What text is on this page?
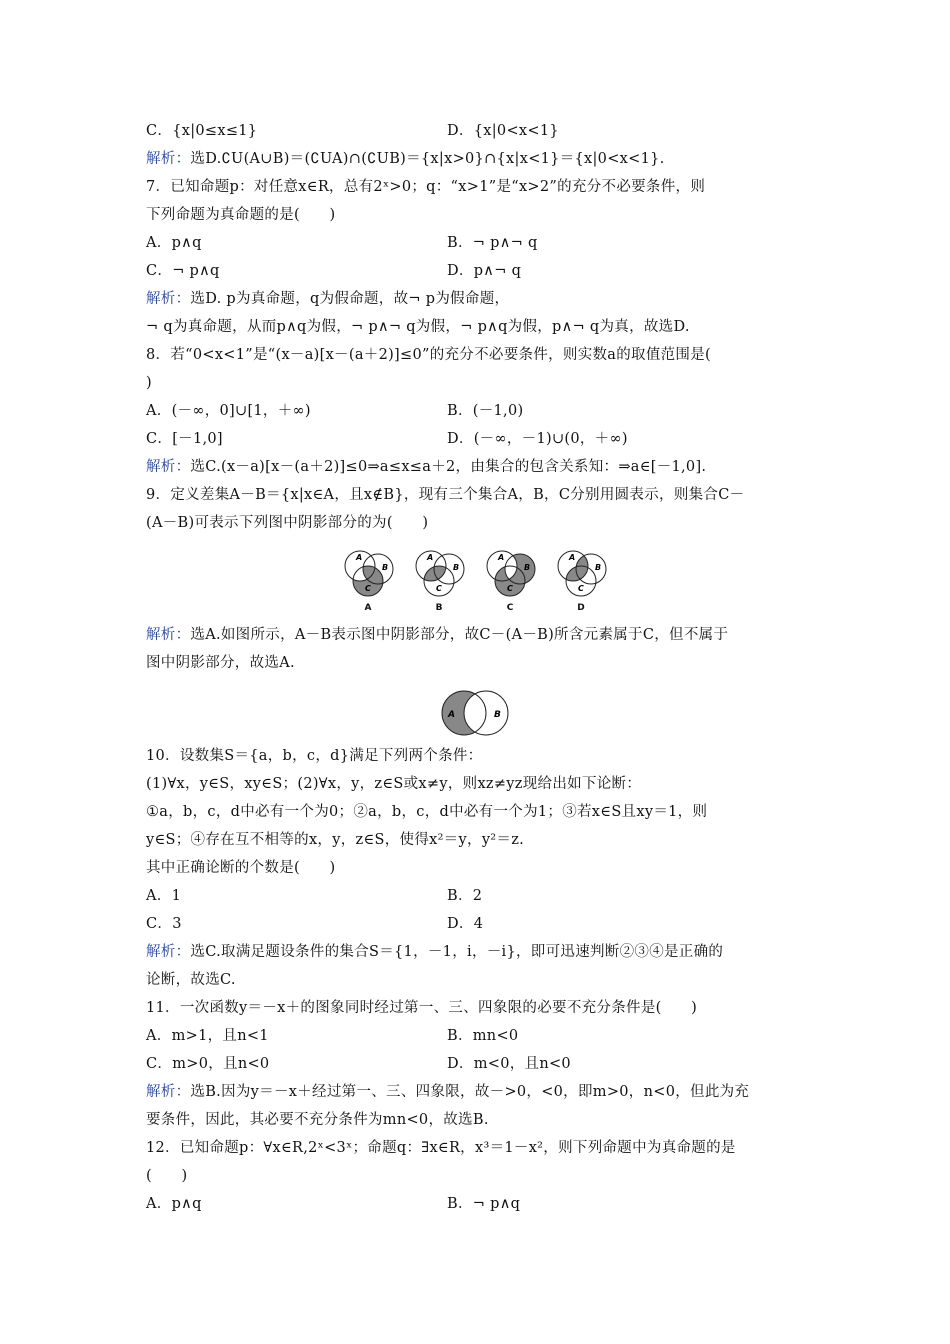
C．{x|0≤x≤1}	D．{x|0<x<1}
解析：选D.∁U(A∪B)＝(∁UA)∩(∁UB)＝{x|x>0}∩{x|x<1}＝{x|0<x<1}.
7．已知命题p：对任意x∈R，总有2ˣ>0；q：“x>1”是“x>2”的充分不必要条件，则
下列命题为真命题的是(　　)
A．p∧q	B．¬ p∧¬ q
C．¬ p∧q	D．p∧¬ q
解析：选D. p为真命题，q为假命题，故¬ p为假命题，
¬ q为真命题，从而p∧q为假，¬ p∧¬ q为假，¬ p∧q为假，p∧¬ q为真，故选D.
8．若“0<x<1”是“(x－a)[x－(a＋2)]≤0”的充分不必要条件，则实数a的取值范围是(
)
A．(－∞，0]∪[1，＋∞)	B．(－1,0)
C．[－1,0]	D．(－∞，－1)∪(0，＋∞)
解析：选C.(x－a)[x－(a＋2)]≤0⇒a≤x≤a＋2，由集合的包含关系知：⇒a∈[－1,0].
9．定义差集A－B＝{x|x∈A，且x∉B}，现有三个集合A，B，C分别用圆表示，则集合C－
(A－B)可表示下列图中阴影部分的为(　　)
A
B
C
A
A
B
C
B
A
B
C
C
A
B
C
D
解析：选A.如图所示，A－B表示图中阴影部分，故C－(A－B)所含元素属于C，但不属于
图中阴影部分，故选A.
A	B
10．设数集S＝{a，b，c，d}满足下列两个条件：
(1)∀x，y∈S，xy∈S；(2)∀x，y，z∈S或x≠y，则xz≠yz现给出如下论断：
①a，b，c，d中必有一个为0；②a，b，c，d中必有一个为1；③若x∈S且xy＝1，则
y∈S；④存在互不相等的x，y，z∈S，使得x²＝y，y²＝z.
其中正确论断的个数是(　　)
A．1	B．2
C．3	D．4
解析：选C.取满足题设条件的集合S＝{1，－1，i，－i}，即可迅速判断②③④是正确的
论断，故选C.
11．一次函数y＝－x＋的图象同时经过第一、三、四象限的必要不充分条件是(　　)
A．m>1，且n<1	B．mn<0
C．m>0，且n<0	D．m<0，且n<0
解析：选B.因为y＝－x＋经过第一、三、四象限，故－>0，<0，即m>0，n<0，但此为充
要条件，因此，其必要不充分条件为mn<0，故选B.
12．已知命题p：∀x∈R,2ˣ<3ˣ；命题q：∃x∈R，x³＝1－x²，则下列命题中为真命题的是
(　　)
A．p∧q	B．¬ p∧q
